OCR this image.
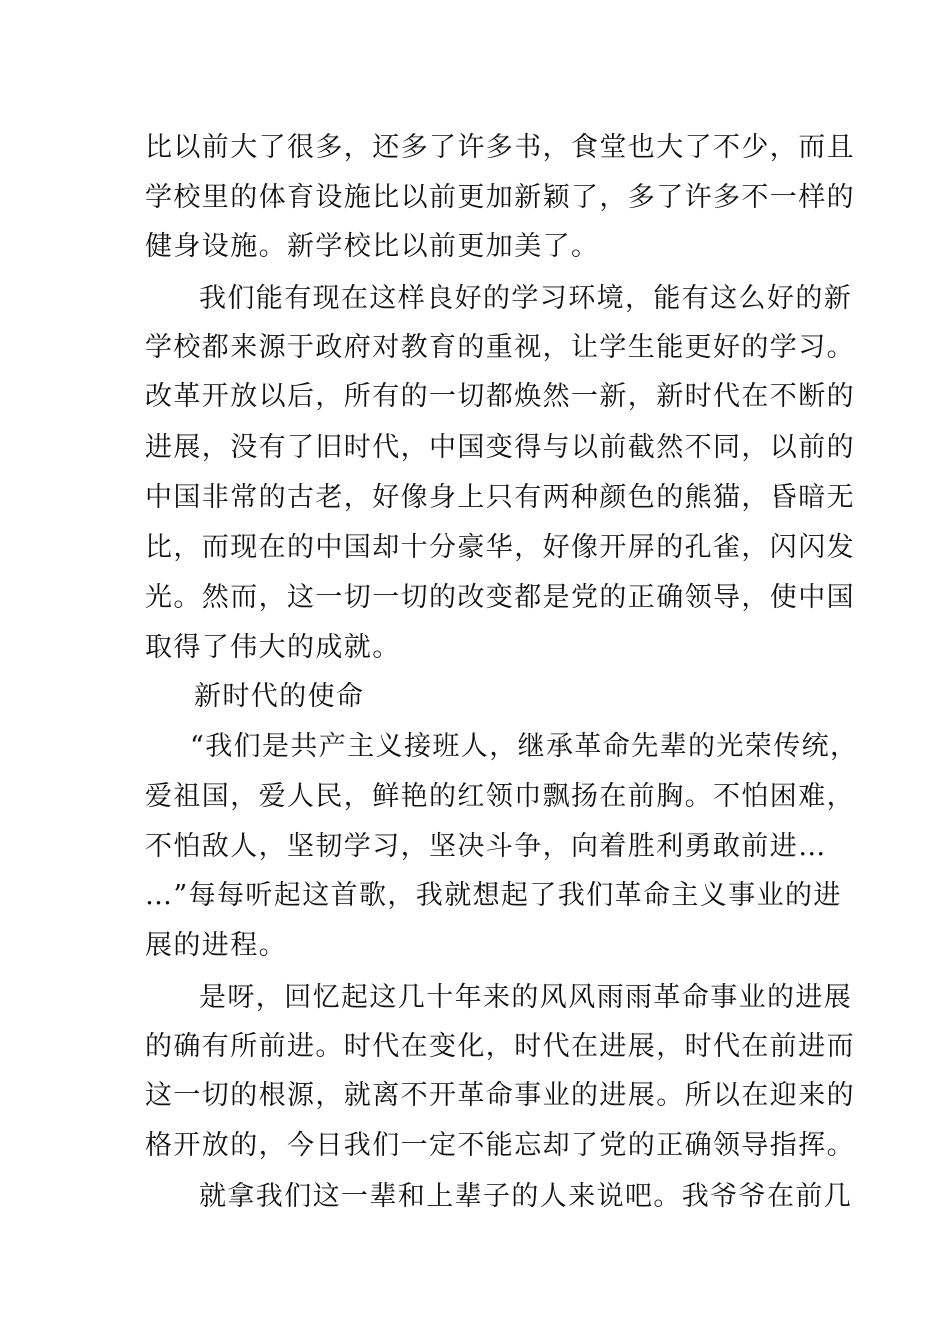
比以前大了很多，还多了许多书，食堂也大了不少，而且
学校里的体育设施比以前更加新颖了，多了许多不一样的
健身设施。新学校比以前更加美了。
我们能有现在这样良好的学习环境，能有这么好的新
学校都来源于政府对教育的重视，让学生能更好的学习。
改革开放以后，所有的一切都焕然一新，新时代在不断的
进展，没有了旧时代，中国变得与以前截然不同，以前的
中国非常的古老，好像身上只有两种颜色的熊猫，昏暗无
比，而现在的中国却十分豪华，好像开屏的孔雀，闪闪发
光。然而，这一切一切的改变都是党的正确领导，使中国
取得了伟大的成就。
新时代的使命
“我们是共产主义接班人，继承革命先辈的光荣传统，
爱祖国，爱人民，鲜艳的红领巾飘扬在前胸。不怕困难，
不怕敌人，坚韧学习，坚决斗争，向着胜利勇敢前进…
…”每每听起这首歌，我就想起了我们革命主义事业的进
展的进程。
是呀，回忆起这几十年来的风风雨雨革命事业的进展
的确有所前进。时代在变化，时代在进展，时代在前进而
这一切的根源，就离不开革命事业的进展。所以在迎来的
格开放的，今日我们一定不能忘却了党的正确领导指挥。
就拿我们这一辈和上辈子的人来说吧。我爷爷在前几
